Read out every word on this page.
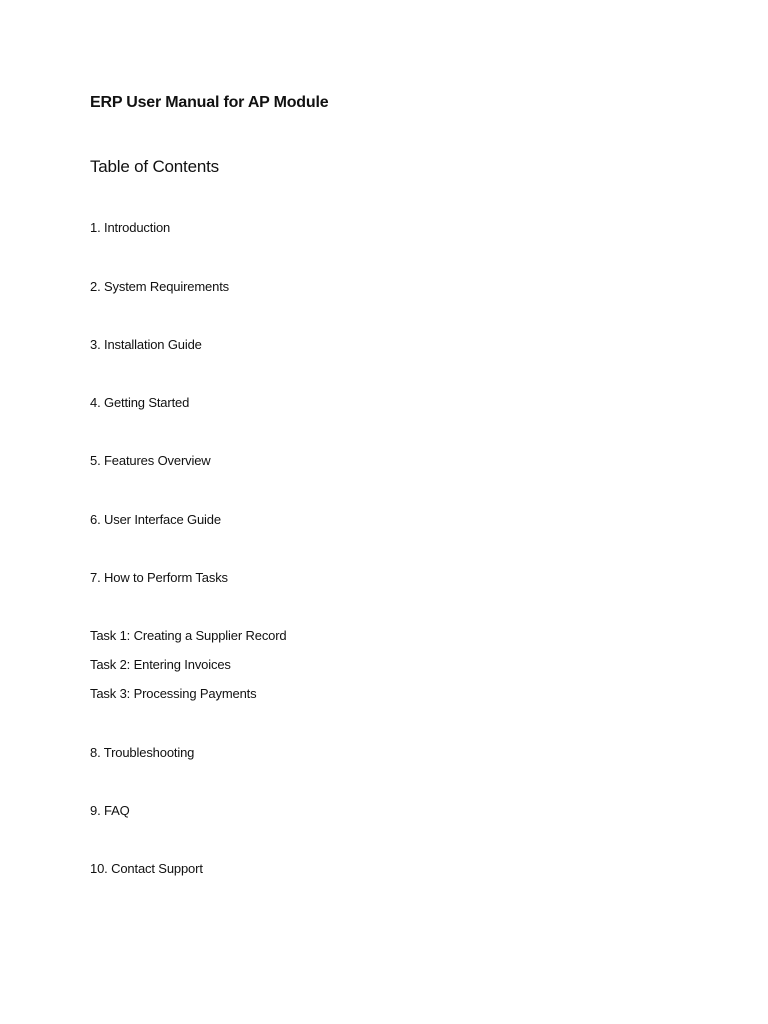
ERP User Manual for AP Module
Table of Contents
1. Introduction
2. System Requirements
3. Installation Guide
4. Getting Started
5. Features Overview
6. User Interface Guide
7. How to Perform Tasks
Task 1: Creating a Supplier Record
Task 2: Entering Invoices
Task 3: Processing Payments
8. Troubleshooting
9. FAQ
10. Contact Support
